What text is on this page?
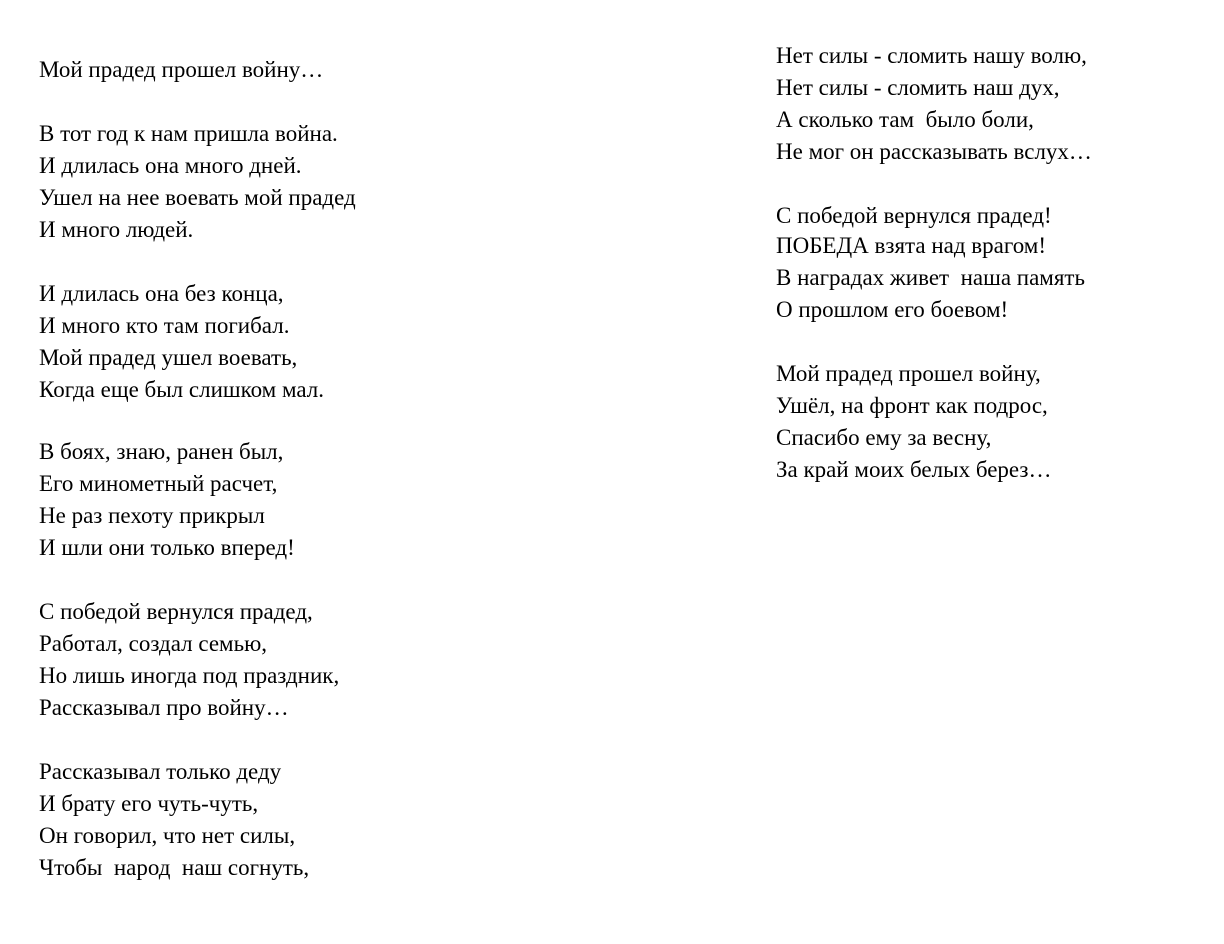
Мой прадед прошел войну…
В тот год к нам пришла война.
И длилась она много дней.
Ушел на нее воевать мой прадед
И много людей.
И длилась она без конца,
И много кто там погибал.
Мой прадед ушел воевать,
Когда еще был слишком мал.
В боях, знаю, ранен был,
Его минометный расчет,
Не раз пехоту прикрыл
И шли они только вперед!
С победой вернулся прадед,
Работал, создал семью,
Но лишь иногда под праздник,
Рассказывал про войну…
Рассказывал только деду
И брату его чуть-чуть,
Он говорил, что нет силы,
Чтобы  народ  наш согнуть,
Нет силы - сломить нашу волю,
Нет силы - сломить наш дух,
А сколько там  было боли,
Не мог он рассказывать вслух…
С победой вернулся прадед!
ПОБЕДА взята над врагом!
В наградах живет  наша память
О прошлом его боевом!
Мой прадед прошел войну,
Ушёл, на фронт как подрос,
Спасибо ему за весну,
За край моих белых берез…
